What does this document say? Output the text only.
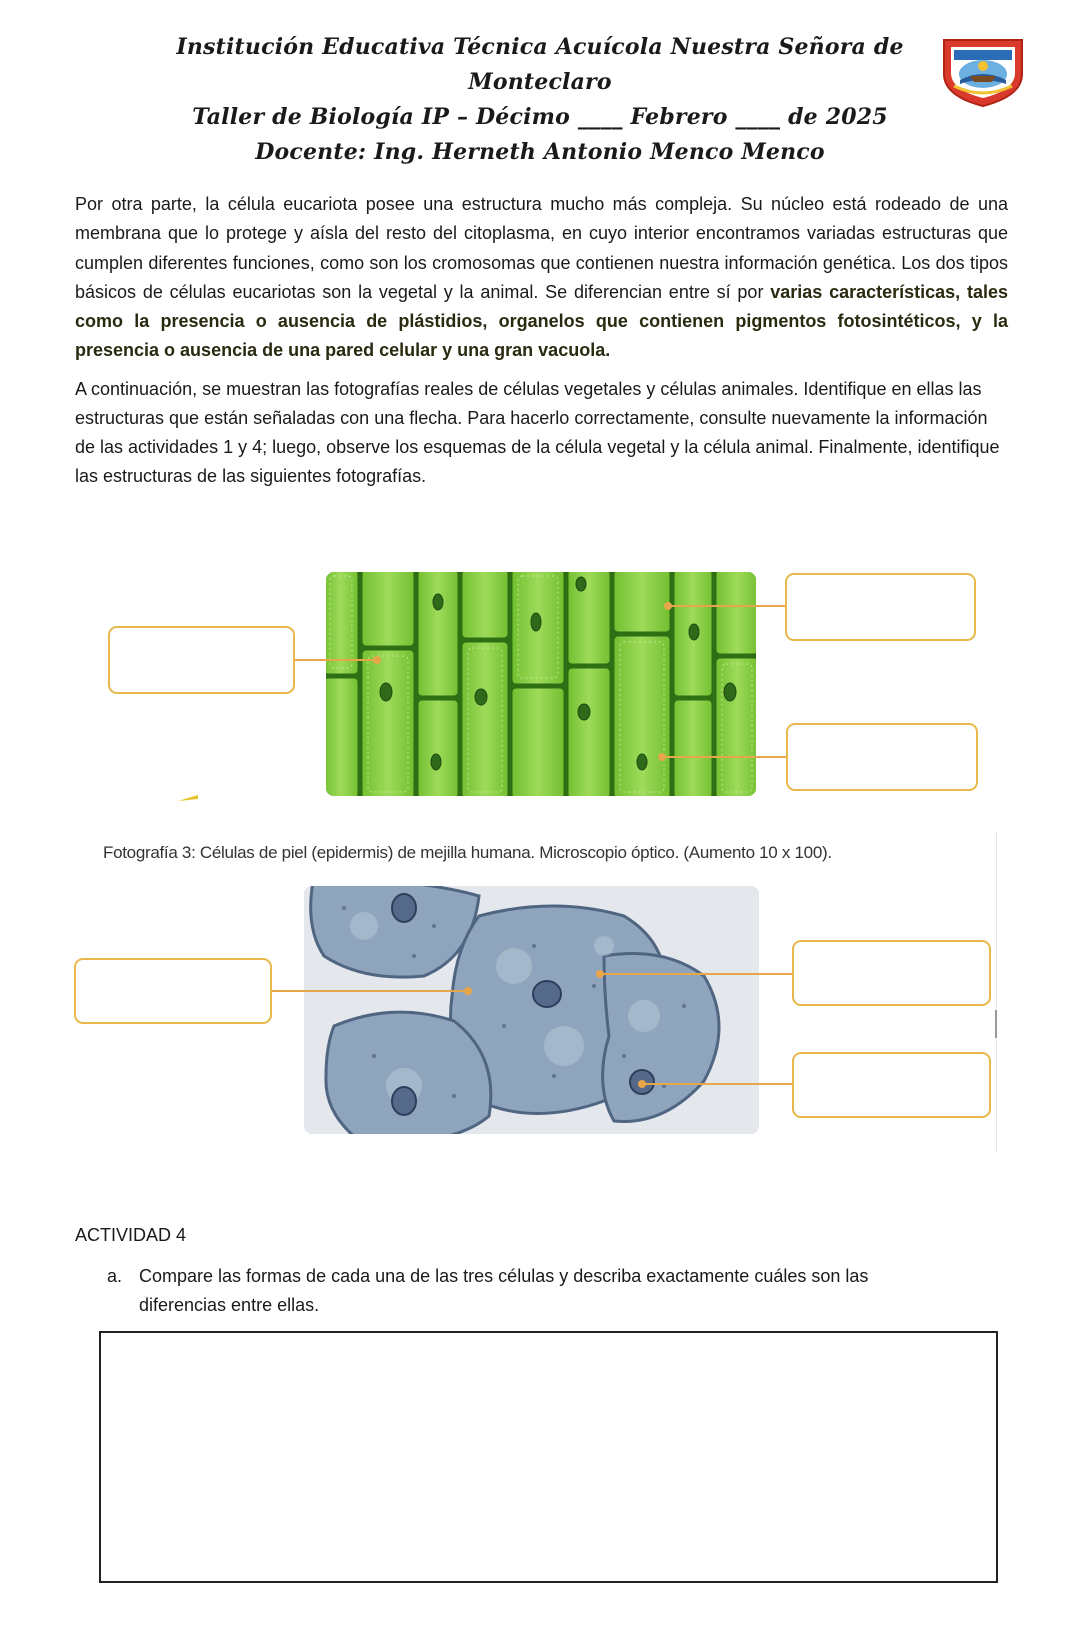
Institución Educativa Técnica Acuícola Nuestra Señora de Monteclaro
Taller de Biología IP – Décimo ____ Febrero ____ de 2025
Docente: Ing. Herneth Antonio Menco Menco

Por otra parte, la célula eucariota posee una estructura mucho más compleja. Su núcleo está rodeado de una membrana que lo protege y aísla del resto del citoplasma, en cuyo interior encontramos variadas estructuras que cumplen diferentes funciones, como son los cromosomas que contienen nuestra información genética. Los dos tipos básicos de células eucariotas son la vegetal y la animal. Se diferencian entre sí por varias características, tales como la presencia o ausencia de plástidios, organelos que contienen pigmentos fotosintéticos, y la presencia o ausencia de una pared celular y una gran vacuola.

A continuación, se muestran las fotografías reales de células vegetales y células animales. Identifique en ellas las estructuras que están señaladas con una flecha. Para hacerlo correctamente, consulte nuevamente la información de las actividades 1 y 4; luego, observe los esquemas de la célula vegetal y la célula animal. Finalmente, identifique las estructuras de las siguientes fotografías.

Fotografía 3: Células de piel (epidermis) de mejilla humana. Microscopio óptico. (Aumento 10 x 100).
ACTIVIDAD 4
a. Compare las formas de cada una de las tres células y describa exactamente cuáles son las diferencias entre ellas.
